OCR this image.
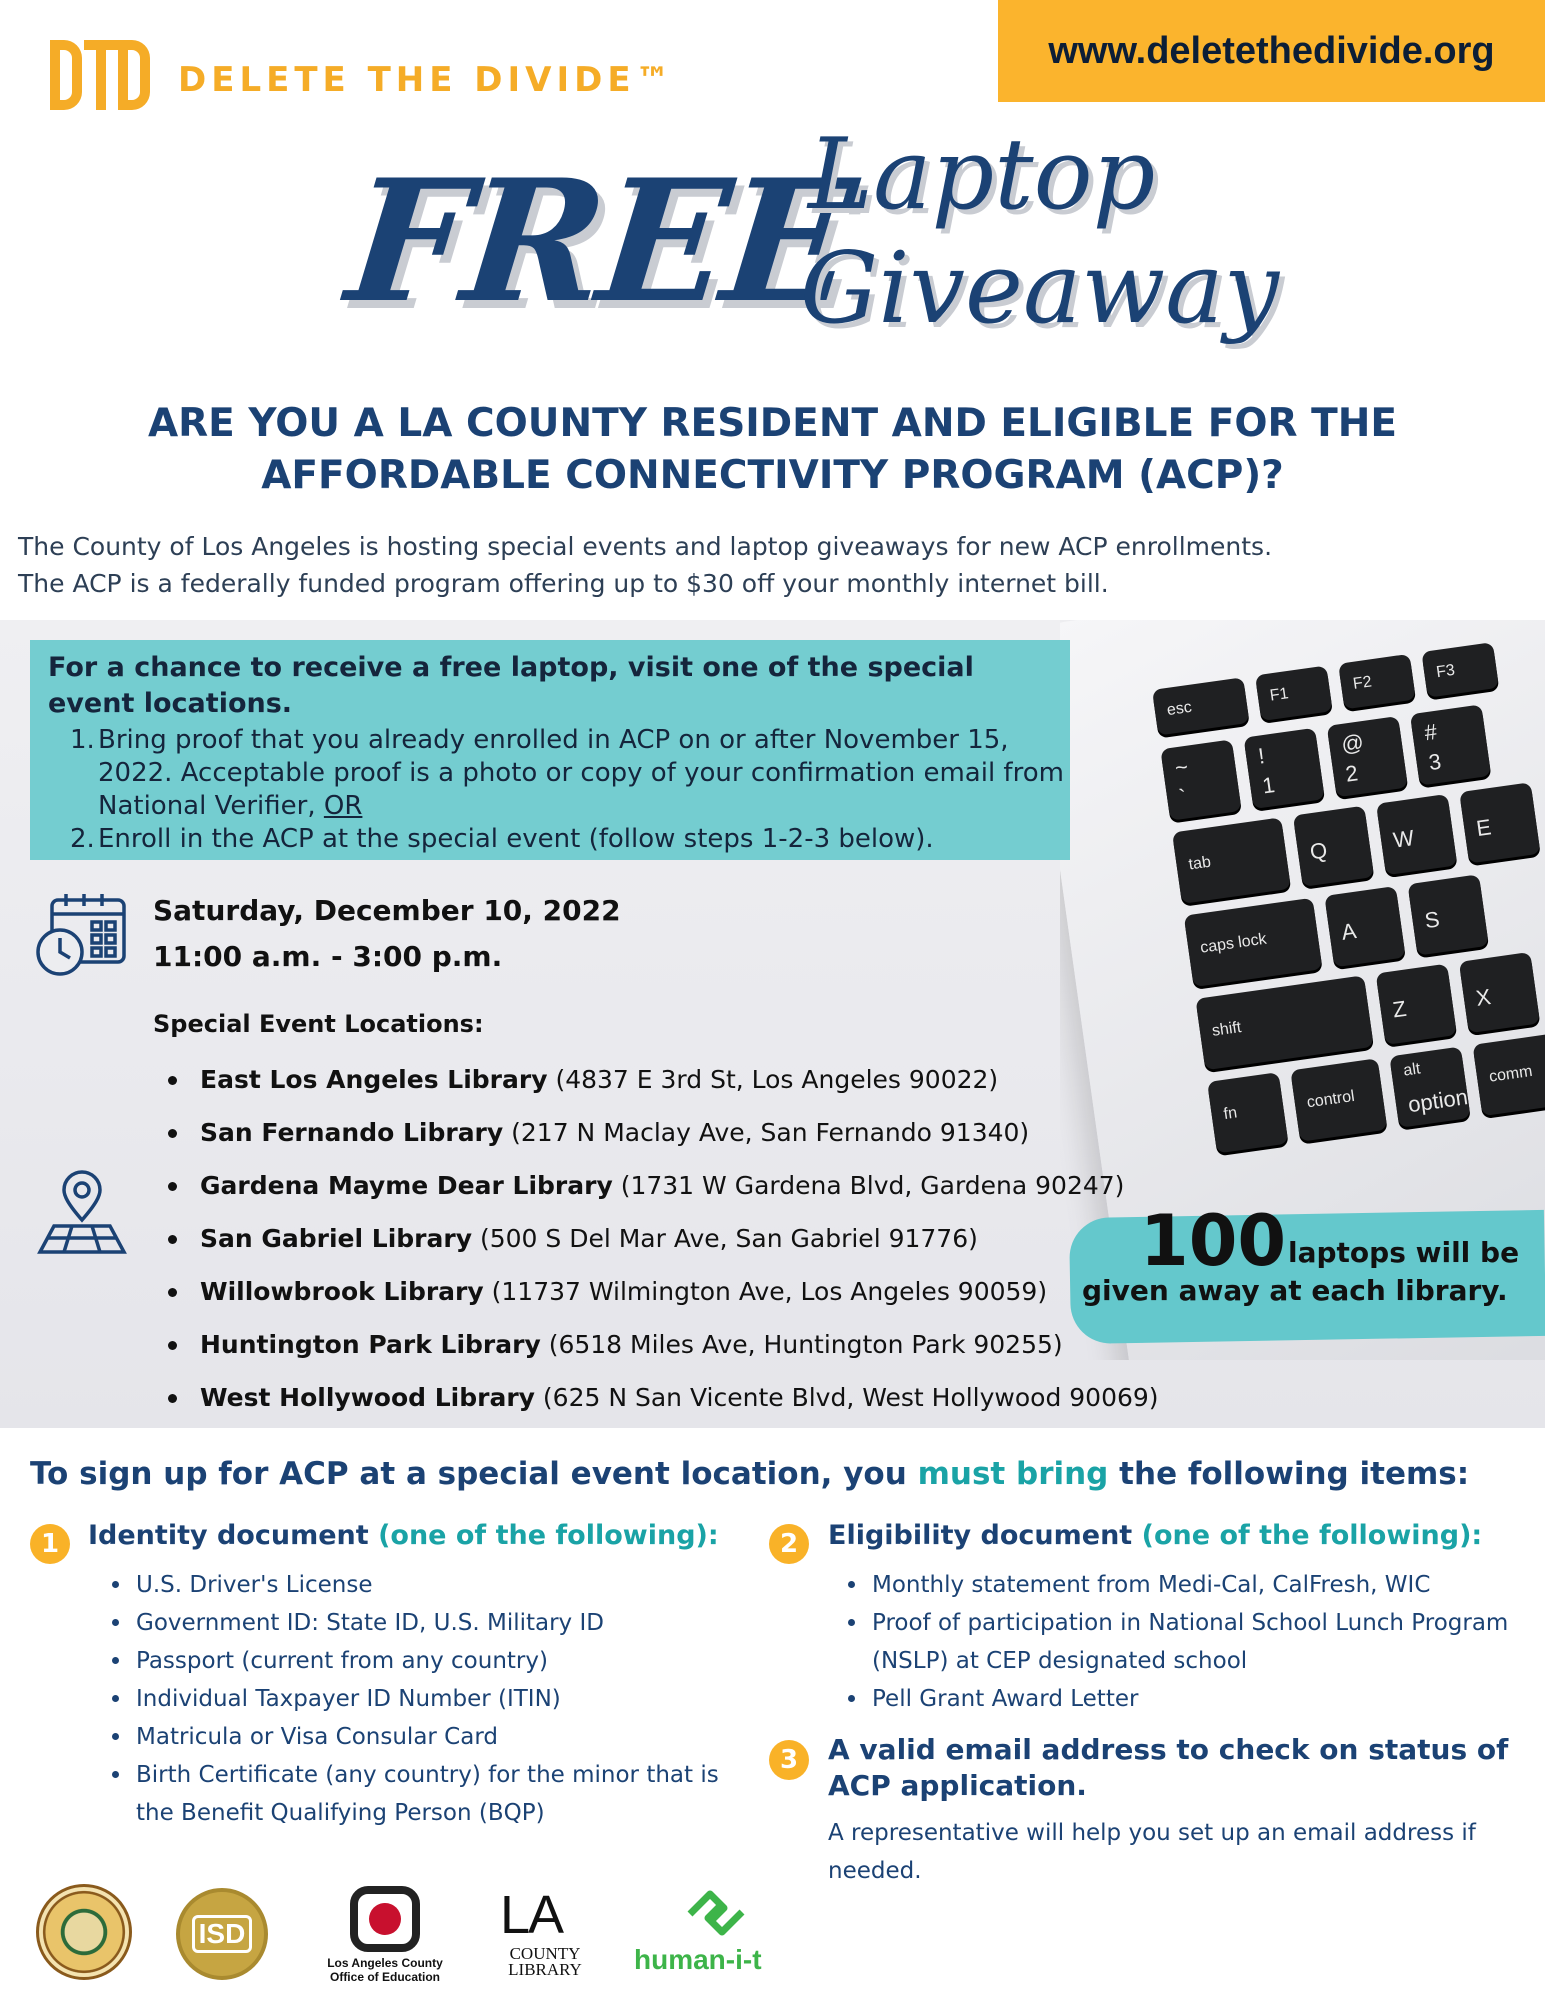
DELETE THE DIVIDE™
www.deletethedivide.org
FREE
Laptop
Giveaway
ARE YOU A LA COUNTY RESIDENT AND ELIGIBLE FOR THE
AFFORDABLE CONNECTIVITY PROGRAM (ACP)?
The County of Los Angeles is hosting special events and laptop giveaways for new ACP enrollments.
The ACP is a federally funded program offering up to $30 off your monthly internet bill.
esc
F1
F2
F3
~
`
!
1
@
2
#
3
tab	Q	W	E
caps lock	A	S
shift
Z	X
fn
control
alt
option
comm
For a chance to receive a free laptop, visit one of the special event locations.
1. Bring proof that you already enrolled in ACP on or after November 15, 2022. Acceptable proof is a photo or copy of your confirmation email from National Verifier, OR
2. Enroll in the ACP at the special event (follow steps 1-2-3 below).
Saturday, December 10, 2022
11:00 a.m. - 3:00 p.m.
Special Event Locations:
East Los Angeles Library (4837 E 3rd St, Los Angeles 90022)
San Fernando Library (217 N Maclay Ave, San Fernando 91340)
Gardena Mayme Dear Library (1731 W Gardena Blvd, Gardena 90247)
San Gabriel Library (500 S Del Mar Ave, San Gabriel 91776)
Willowbrook Library (11737 Wilmington Ave, Los Angeles 90059)
Huntington Park Library (6518 Miles Ave, Huntington Park 90255)
West Hollywood Library (625 N San Vicente Blvd, West Hollywood 90069)
100 laptops will be
given away at each library.
To sign up for ACP at a special event location, you must bring the following items:
1	Identity document (one of the following):
U.S. Driver's License
Government ID: State ID, U.S. Military ID
Passport (current from any country)
Individual Taxpayer ID Number (ITIN)
Matricula or Visa Consular Card
Birth Certificate (any country) for the minor that is the Benefit Qualifying Person (BQP)
2	Eligibility document (one of the following):
Monthly statement from Medi-Cal, CalFresh, WIC
Proof of participation in National School Lunch Program (NSLP) at CEP designated school
Pell Grant Award Letter
3	A valid email address to check on status of ACP application.
A representative will help you set up an email address if needed.
ISD
Los Angeles County Office of Education
LA
COUNTY LIBRARY human-i-t
